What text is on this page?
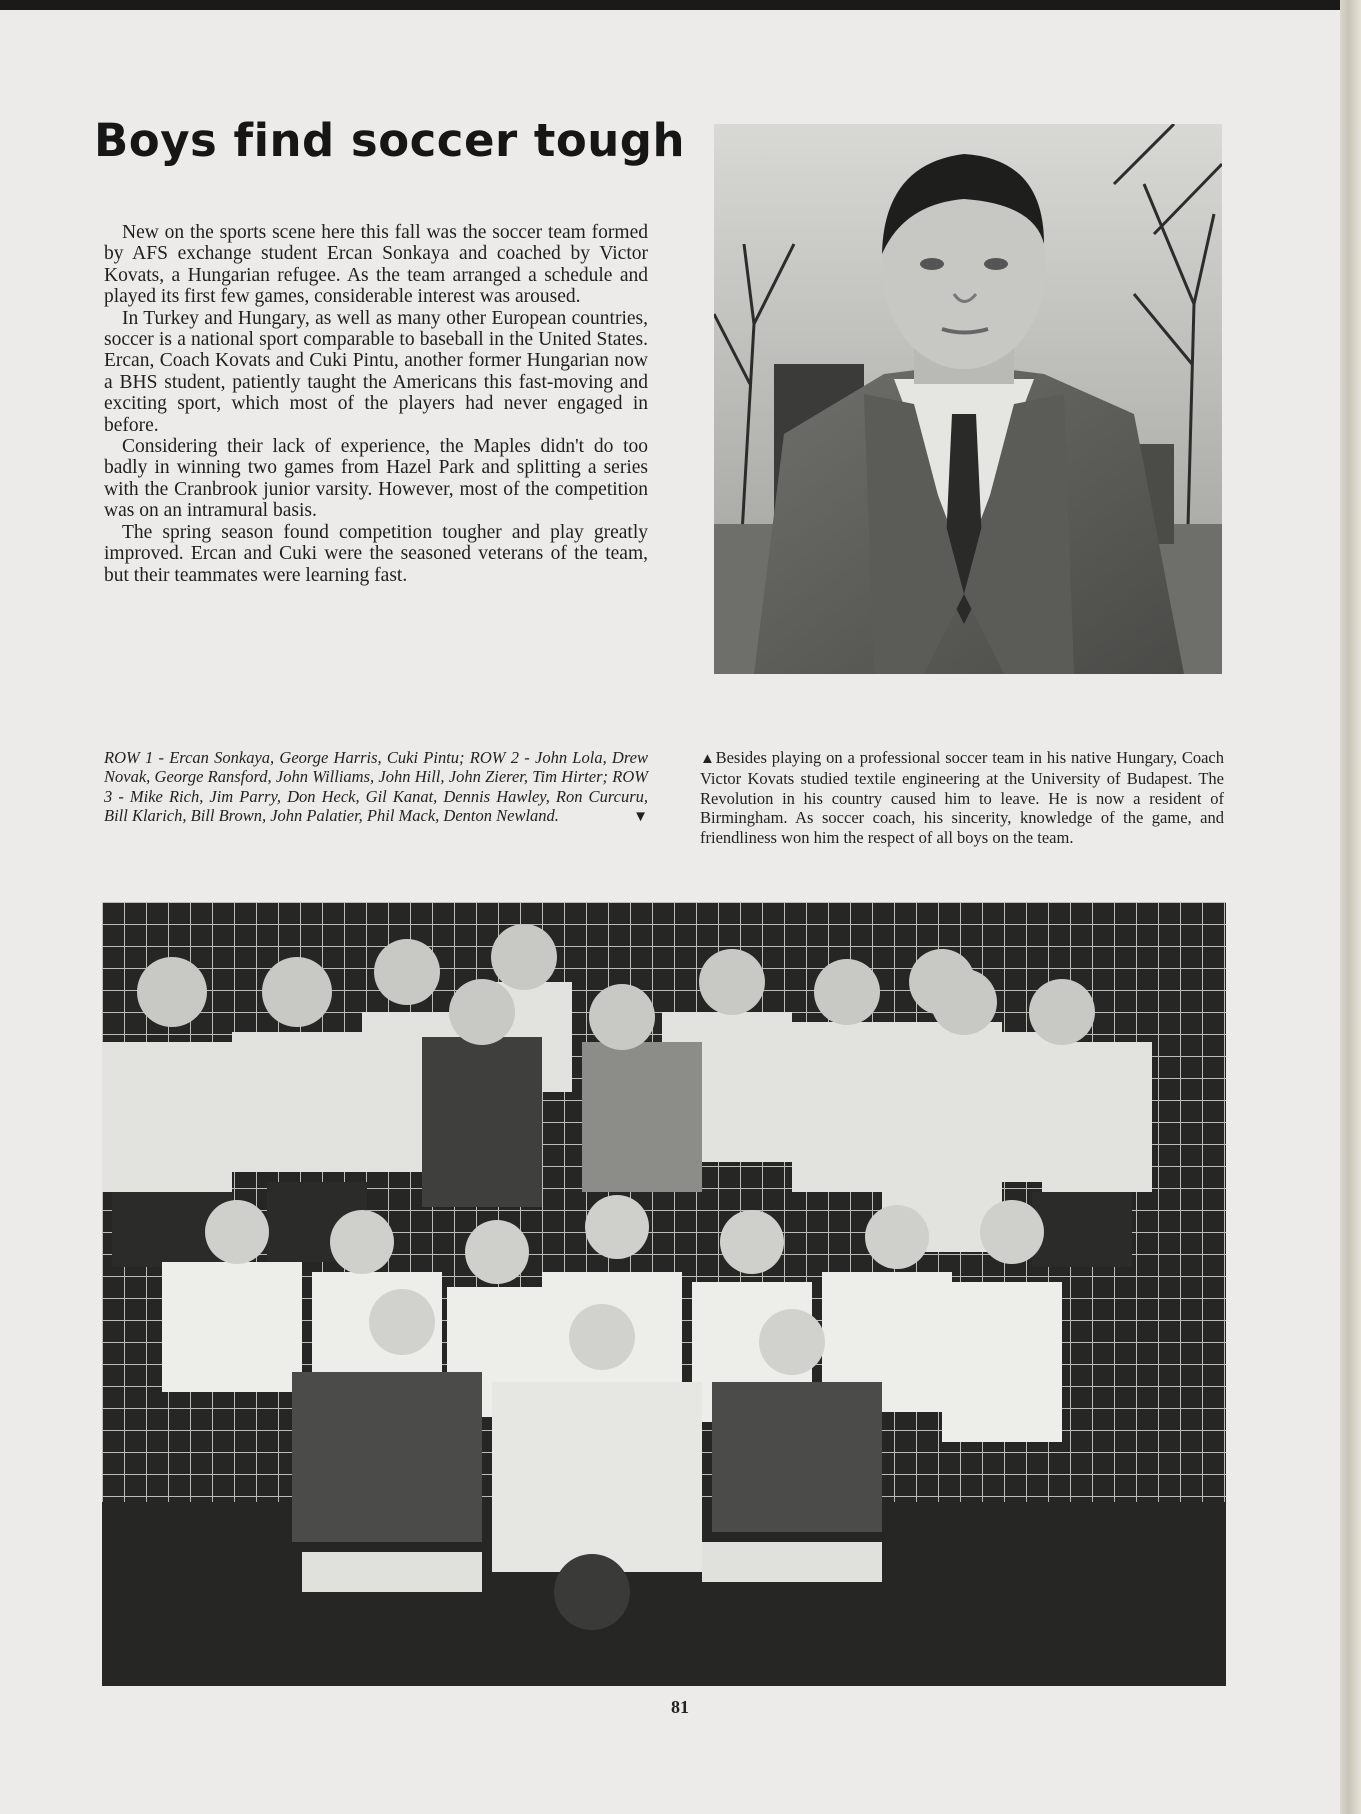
Boys find soccer tough

New on the sports scene here this fall was the soccer team formed by AFS exchange student Ercan Sonkaya and coached by Victor Kovats, a Hungarian refugee. As the team arranged a schedule and played its first few games, considerable interest was aroused.

In Turkey and Hungary, as well as many other European countries, soccer is a national sport comparable to baseball in the United States. Ercan, Coach Kovats and Cuki Pintu, another former Hungarian now a BHS student, patiently taught the Americans this fast-moving and exciting sport, which most of the players had never engaged in before.

Considering their lack of experience, the Maples didn't do too badly in winning two games from Hazel Park and splitting a series with the Cranbrook junior varsity. However, most of the competition was on an intramural basis.

The spring season found competition tougher and play greatly improved. Ercan and Cuki were the seasoned veterans of the team, but their teammates were learning fast.

ROW 1 - Ercan Sonkaya, George Harris, Cuki Pintu; ROW 2 - John Lola, Drew Novak, George Ransford, John Williams, John Hill, John Zierer, Tim Hirter; ROW 3 - Mike Rich, Jim Parry, Don Heck, Gil Kanat, Dennis Hawley, Ron Curcuru, Bill Klarich, Bill Brown, John Palatier, Phil Mack, Denton Newland.	▼
▲Besides playing on a professional soccer team in his native Hungary, Coach Victor Kovats studied textile engineering at the University of Budapest. The Revolution in his country caused him to leave. He is now a resident of Birmingham. As soccer coach, his sincerity, knowledge of the game, and friendliness won him the respect of all boys on the team.
81
